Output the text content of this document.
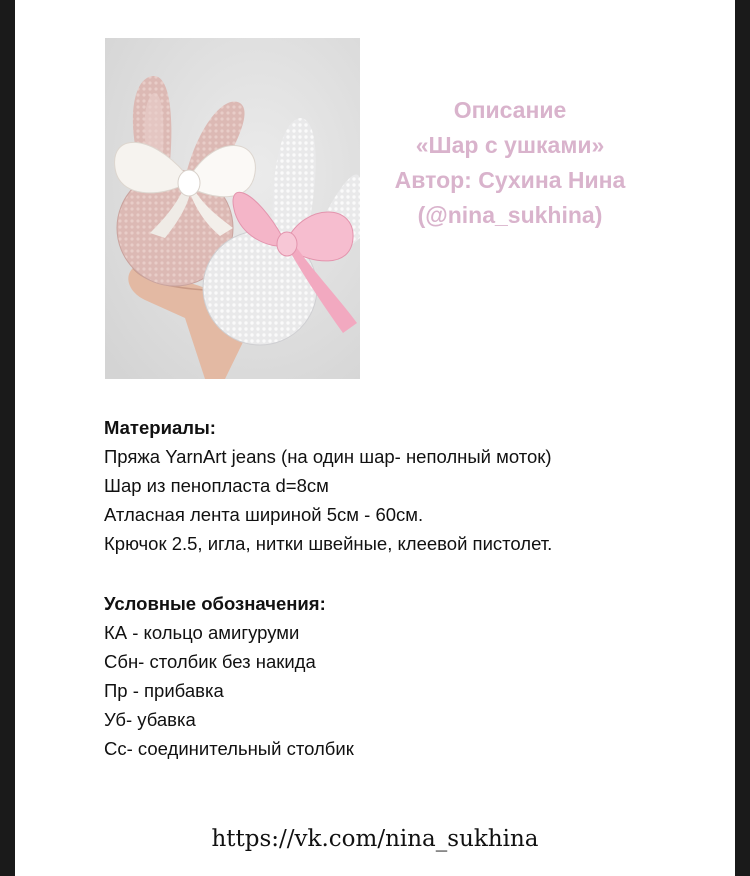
Описание
«Шар с ушками»
Автор: Сухина Нина
(@nina_sukhina)
Материалы:
Пряжа YarnArt jeans (на один шар- неполный моток)
Шар из пенопласта d=8см
Атласная лента шириной 5см - 60см.
Крючок 2.5, игла, нитки швейные, клеевой пистолет.
Условные обозначения:
КА - кольцо амигуруми
Сбн- столбик без накида
Пр - прибавка
Уб- убавка
Сс- соединительный столбик
https://vk.com/nina_sukhina
